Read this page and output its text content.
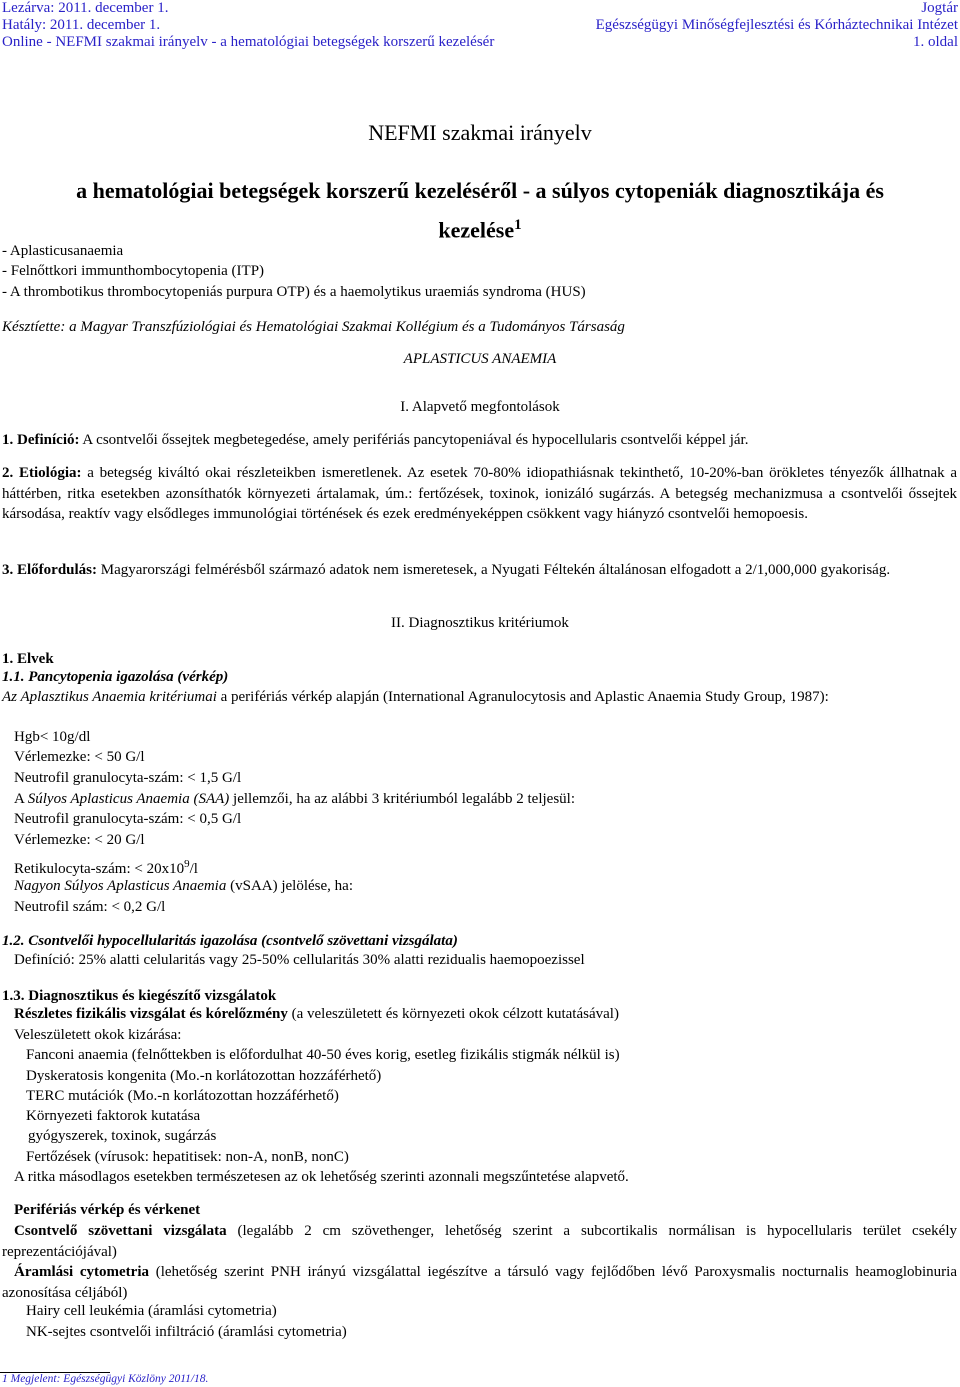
Lezárva: 2011. december 1.
Hatály: 2011. december 1.
Online - NEFMI szakmai irányelv - a hematológiai betegségek korszerű kezelésér
Jogtár
Egészségügyi Minőségfejlesztési és Kórháztechnikai Intézet
1. oldal
NEFMI szakmai irányelv
a hematológiai betegségek korszerű kezeléséről - a súlyos cytopeniák diagnosztikája és
kezelése$^1$
- Aplasticusanaemia
- Felnőttkori immunthombocytopenia (ITP)
- A thrombotikus thrombocytopeniás purpura OTP) és a haemolytikus uraemiás syndroma (HUS)
Késztíette: a Magyar Transzfúziológiai és Hematológiai Szakmai Kollégium és a Tudományos Társaság
APLASTICUS ANAEMIA
I. Alapvető megfontolások
1. Definíció: A csontvelői őssejtek megbetegedése, amely perifériás pancytopeniával és hypocellularis csontvelői képpel jár.
2. Etiológia: a betegség kiváltó okai részleteikben ismeretlenek. Az esetek 70-80% idiopathiásnak tekinthető, 10-20%-ban örökletes tényezők állhatnak a háttérben, ritka esetekben azonsíthatók környezeti ártalamak, úm.: fertőzések, toxinok, ionizáló sugárzás. A betegség mechanizmusa a csontvelői őssejtek kársodása, reaktív vagy elsődleges immunológiai történések és ezek eredményeképpen csökkent vagy hiányzó csontvelői hemopoesis.
3. Előfordulás: Magyarországi felmérésből származó adatok nem ismeretesek, a Nyugati Féltekén általánosan elfogadott a 2/1,000,000 gyakoriság.
II. Diagnosztikus kritériumok
1. Elvek
1.1. Pancytopenia igazolása (vérkép)
Az Aplasztikus Anaemia kritériumai a perifériás vérkép alapján (International Agranulocytosis and Aplastic Anaemia Study Group, 1987):
Hgb< 10g/dl
Vérlemezke: < 50 G/l
Neutrofil granulocyta-szám: < 1,5 G/l
A Súlyos Aplasticus Anaemia (SAA) jellemzői, ha az alábbi 3 kritériumból legalább 2 teljesül:
Neutrofil granulocyta-szám: < 0,5 G/l
Vérlemezke: < 20 G/l
Retikulocyta-szám: < $20x10^9/l$
Nagyon Súlyos Aplasticus Anaemia (vSAA) jelölése, ha:
Neutrofil szám: < 0,2 G/l
1.2. Csontvelői hypocellularitás igazolása (csontvelő szövettani vizsgálata)
Definíció: 25% alatti celularitás vagy 25-50% cellularitás 30% alatti rezidualis haemopoezissel
1.3. Diagnosztikus és kiegészítő vizsgálatok
Részletes fizikális vizsgálat és kórelőzmény (a veleszületett és környezeti okok célzott kutatásával)
Veleszületett okok kizárása:
Fanconi anaemia (felnőttekben is előfordulhat 40-50 éves korig, esetleg fizikális stigmák nélkül is)
Dyskeratosis kongenita (Mo.-n korlátozottan hozzáférhető)
TERC mutációk (Mo.-n korlátozottan hozzáférhető)
Környezeti faktorok kutatása
gyógyszerek, toxinok, sugárzás
Fertőzések (vírusok: hepatitisek: non-A, nonB, nonC)
A ritka másodlagos esetekben természetesen az ok lehetőség szerinti azonnali megszűntetése alapvető.
Perifériás vérkép és vérkenet
Csontvelő szövettani vizsgálata (legalább 2 cm szövethenger, lehetőség szerint a subcortikalis normálisan is hypocellularis terület csekély reprezentációjával)
Áramlási cytometria (lehetőség szerint PNH irányú vizsgálattal iegészítve a társuló vagy fejlődőben lévő Paroxysmalis nocturnalis heamoglobinuria azonosítása céljából)
Hairy cell leukémia (áramlási cytometria)
NK-sejtes csontvelői infiltráció (áramlási cytometria)
1 Megjelent: Egészségügyi Közlöny 2011/18.
